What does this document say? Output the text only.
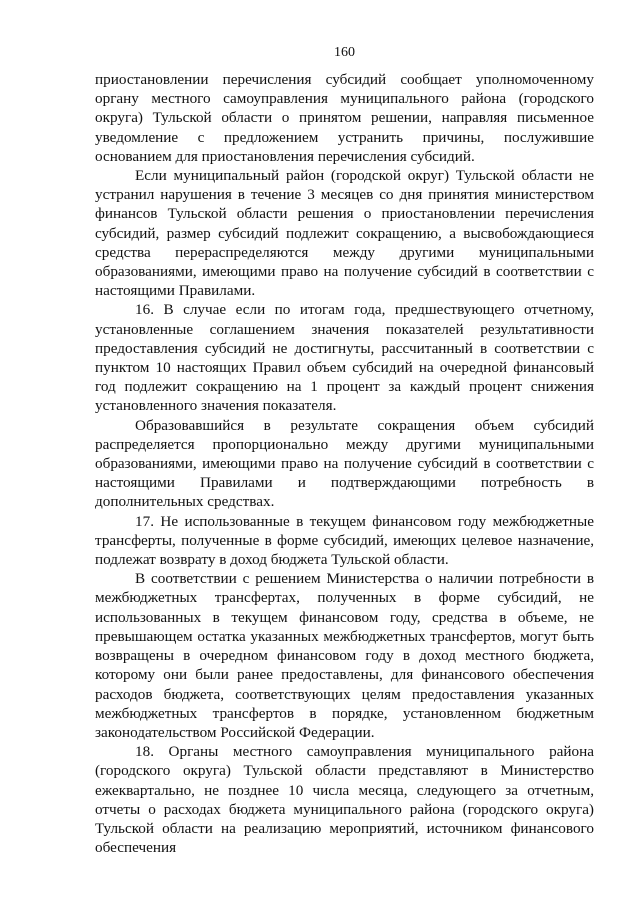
160

приостановлении перечисления субсидий сообщает уполномоченному органу местного самоуправления муниципального района (городского округа) Тульской области о принятом решении, направляя письменное уведомление с предложением устранить причины, послужившие основанием для приостановления перечисления субсидий.

Если муниципальный район (городской округ) Тульской области не устранил нарушения в течение 3 месяцев со дня принятия министерством финансов Тульской области решения о приостановлении перечисления субсидий, размер субсидий подлежит сокращению, а высвобождающиеся средства перераспределяются между другими муниципальными образованиями, имеющими право на получение субсидий в соответствии с настоящими Правилами.

16. В случае если по итогам года, предшествующего отчетному, установленные соглашением значения показателей результативности предоставления субсидий не достигнуты, рассчитанный в соответствии с пунктом 10 настоящих Правил объем субсидий на очередной финансовый год подлежит сокращению на 1 процент за каждый процент снижения установленного значения показателя.

Образовавшийся в результате сокращения объем субсидий распределяется пропорционально между другими муниципальными образованиями, имеющими право на получение субсидий в соответствии с настоящими Правилами и подтверждающими потребность в дополнительных средствах.

17. Не использованные в текущем финансовом году межбюджетные трансферты, полученные в форме субсидий, имеющих целевое назначение, подлежат возврату в доход бюджета Тульской области.

В соответствии с решением Министерства о наличии потребности в межбюджетных трансфертах, полученных в форме субсидий, не использованных в текущем финансовом году, средства в объеме, не превышающем остатка указанных межбюджетных трансфертов, могут быть возвращены в очередном финансовом году в доход местного бюджета, которому они были ранее предоставлены, для финансового обеспечения расходов бюджета, соответствующих целям предоставления указанных межбюджетных трансфертов в порядке, установленном бюджетным законодательством Российской Федерации.

18. Органы местного самоуправления муниципального района (городского округа) Тульской области представляют в Министерство ежеквартально, не позднее 10 числа месяца, следующего за отчетным, отчеты о расходах бюджета муниципального района (городского округа) Тульской области на реализацию мероприятий, источником финансового обеспечения
